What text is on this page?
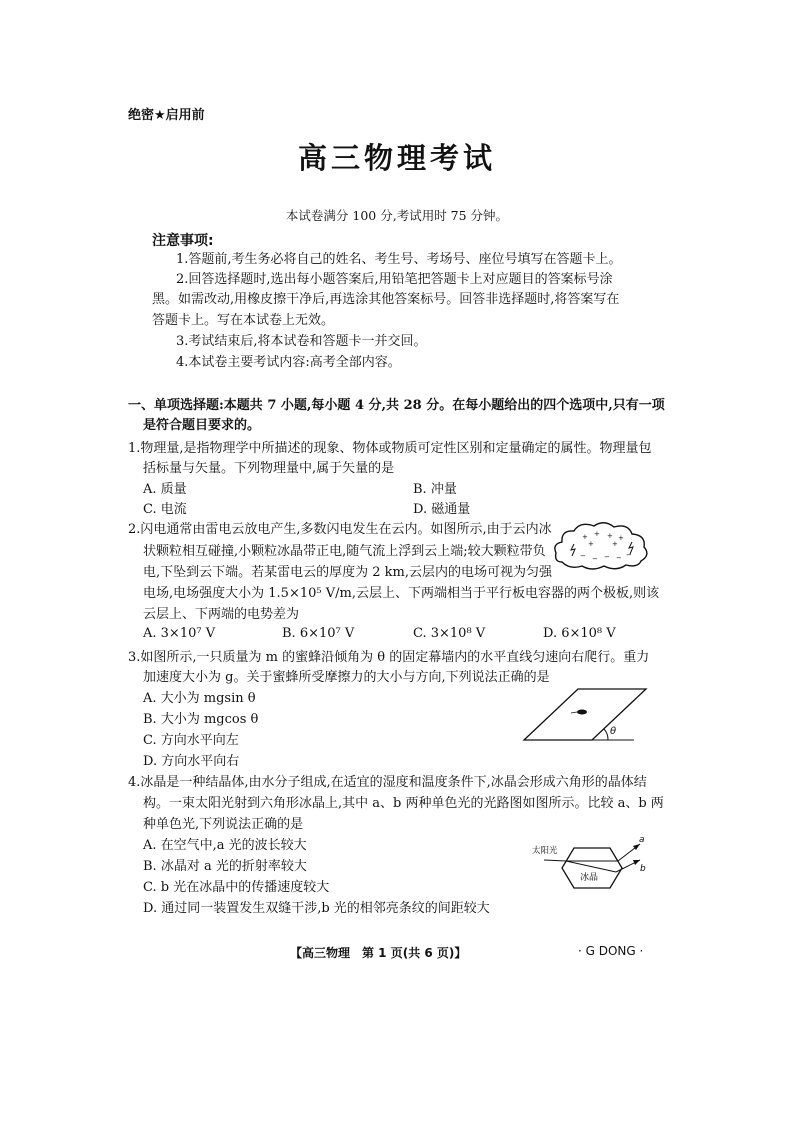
绝密★启用前
高三物理考试
本试卷满分 100 分,考试用时 75 分钟。
注意事项:
1.答题前,考生务必将自己的姓名、考生号、考场号、座位号填写在答题卡上。
2.回答选择题时,选出每小题答案后,用铅笔把答题卡上对应题目的答案标号涂
黑。如需改动,用橡皮擦干净后,再选涂其他答案标号。回答非选择题时,将答案写在
答题卡上。写在本试卷上无效。
3.考试结束后,将本试卷和答题卡一并交回。
4.本试卷主要考试内容:高考全部内容。
一、单项选择题:本题共 7 小题,每小题 4 分,共 28 分。在每小题给出的四个选项中,只有一项
是符合题目要求的。
1.物理量,是指物理学中所描述的现象、物体或物质可定性区别和定量确定的属性。物理量包
括标量与矢量。下列物理量中,属于矢量的是
A. 质量	B. 冲量
C. 电流	D. 磁通量
2.闪电通常由雷电云放电产生,多数闪电发生在云内。如图所示,由于云内冰
状颗粒相互碰撞,小颗粒冰晶带正电,随气流上浮到云上端;较大颗粒带负
电,下坠到云下端。若某雷电云的厚度为 2 km,云层内的电场可视为匀强
电场,电场强度大小为 1.5×10⁵ V/m,云层上、下两端相当于平行板电容器的两个极板,则该
云层上、下两端的电势差为
A. 3×10⁷ V	B. 6×10⁷ V	C. 3×10⁸ V	D. 6×10⁸ V
+ + + +
+	+
− − − − −
3.如图所示,一只质量为 m 的蜜蜂沿倾角为 θ 的固定幕墙内的水平直线匀速向右爬行。重力
加速度大小为 g。关于蜜蜂所受摩擦力的大小与方向,下列说法正确的是
A. 大小为 mgsin θ
B. 大小为 mgcos θ
C. 方向水平向左
D. 方向水平向右
θ
4.冰晶是一种结晶体,由水分子组成,在适宜的湿度和温度条件下,冰晶会形成六角形的晶体结
构。一束太阳光射到六角形冰晶上,其中 a、b 两种单色光的光路图如图所示。比较 a、b 两
种单色光,下列说法正确的是
A. 在空气中,a 光的波长较大
B. 冰晶对 a 光的折射率较大
C. b 光在冰晶中的传播速度较大
D. 通过同一装置发生双缝干涉,b 光的相邻亮条纹的间距较大
太阳光
冰晶
a
b
【高三物理　第 1 页(共 6 页)】	· G DONG ·
